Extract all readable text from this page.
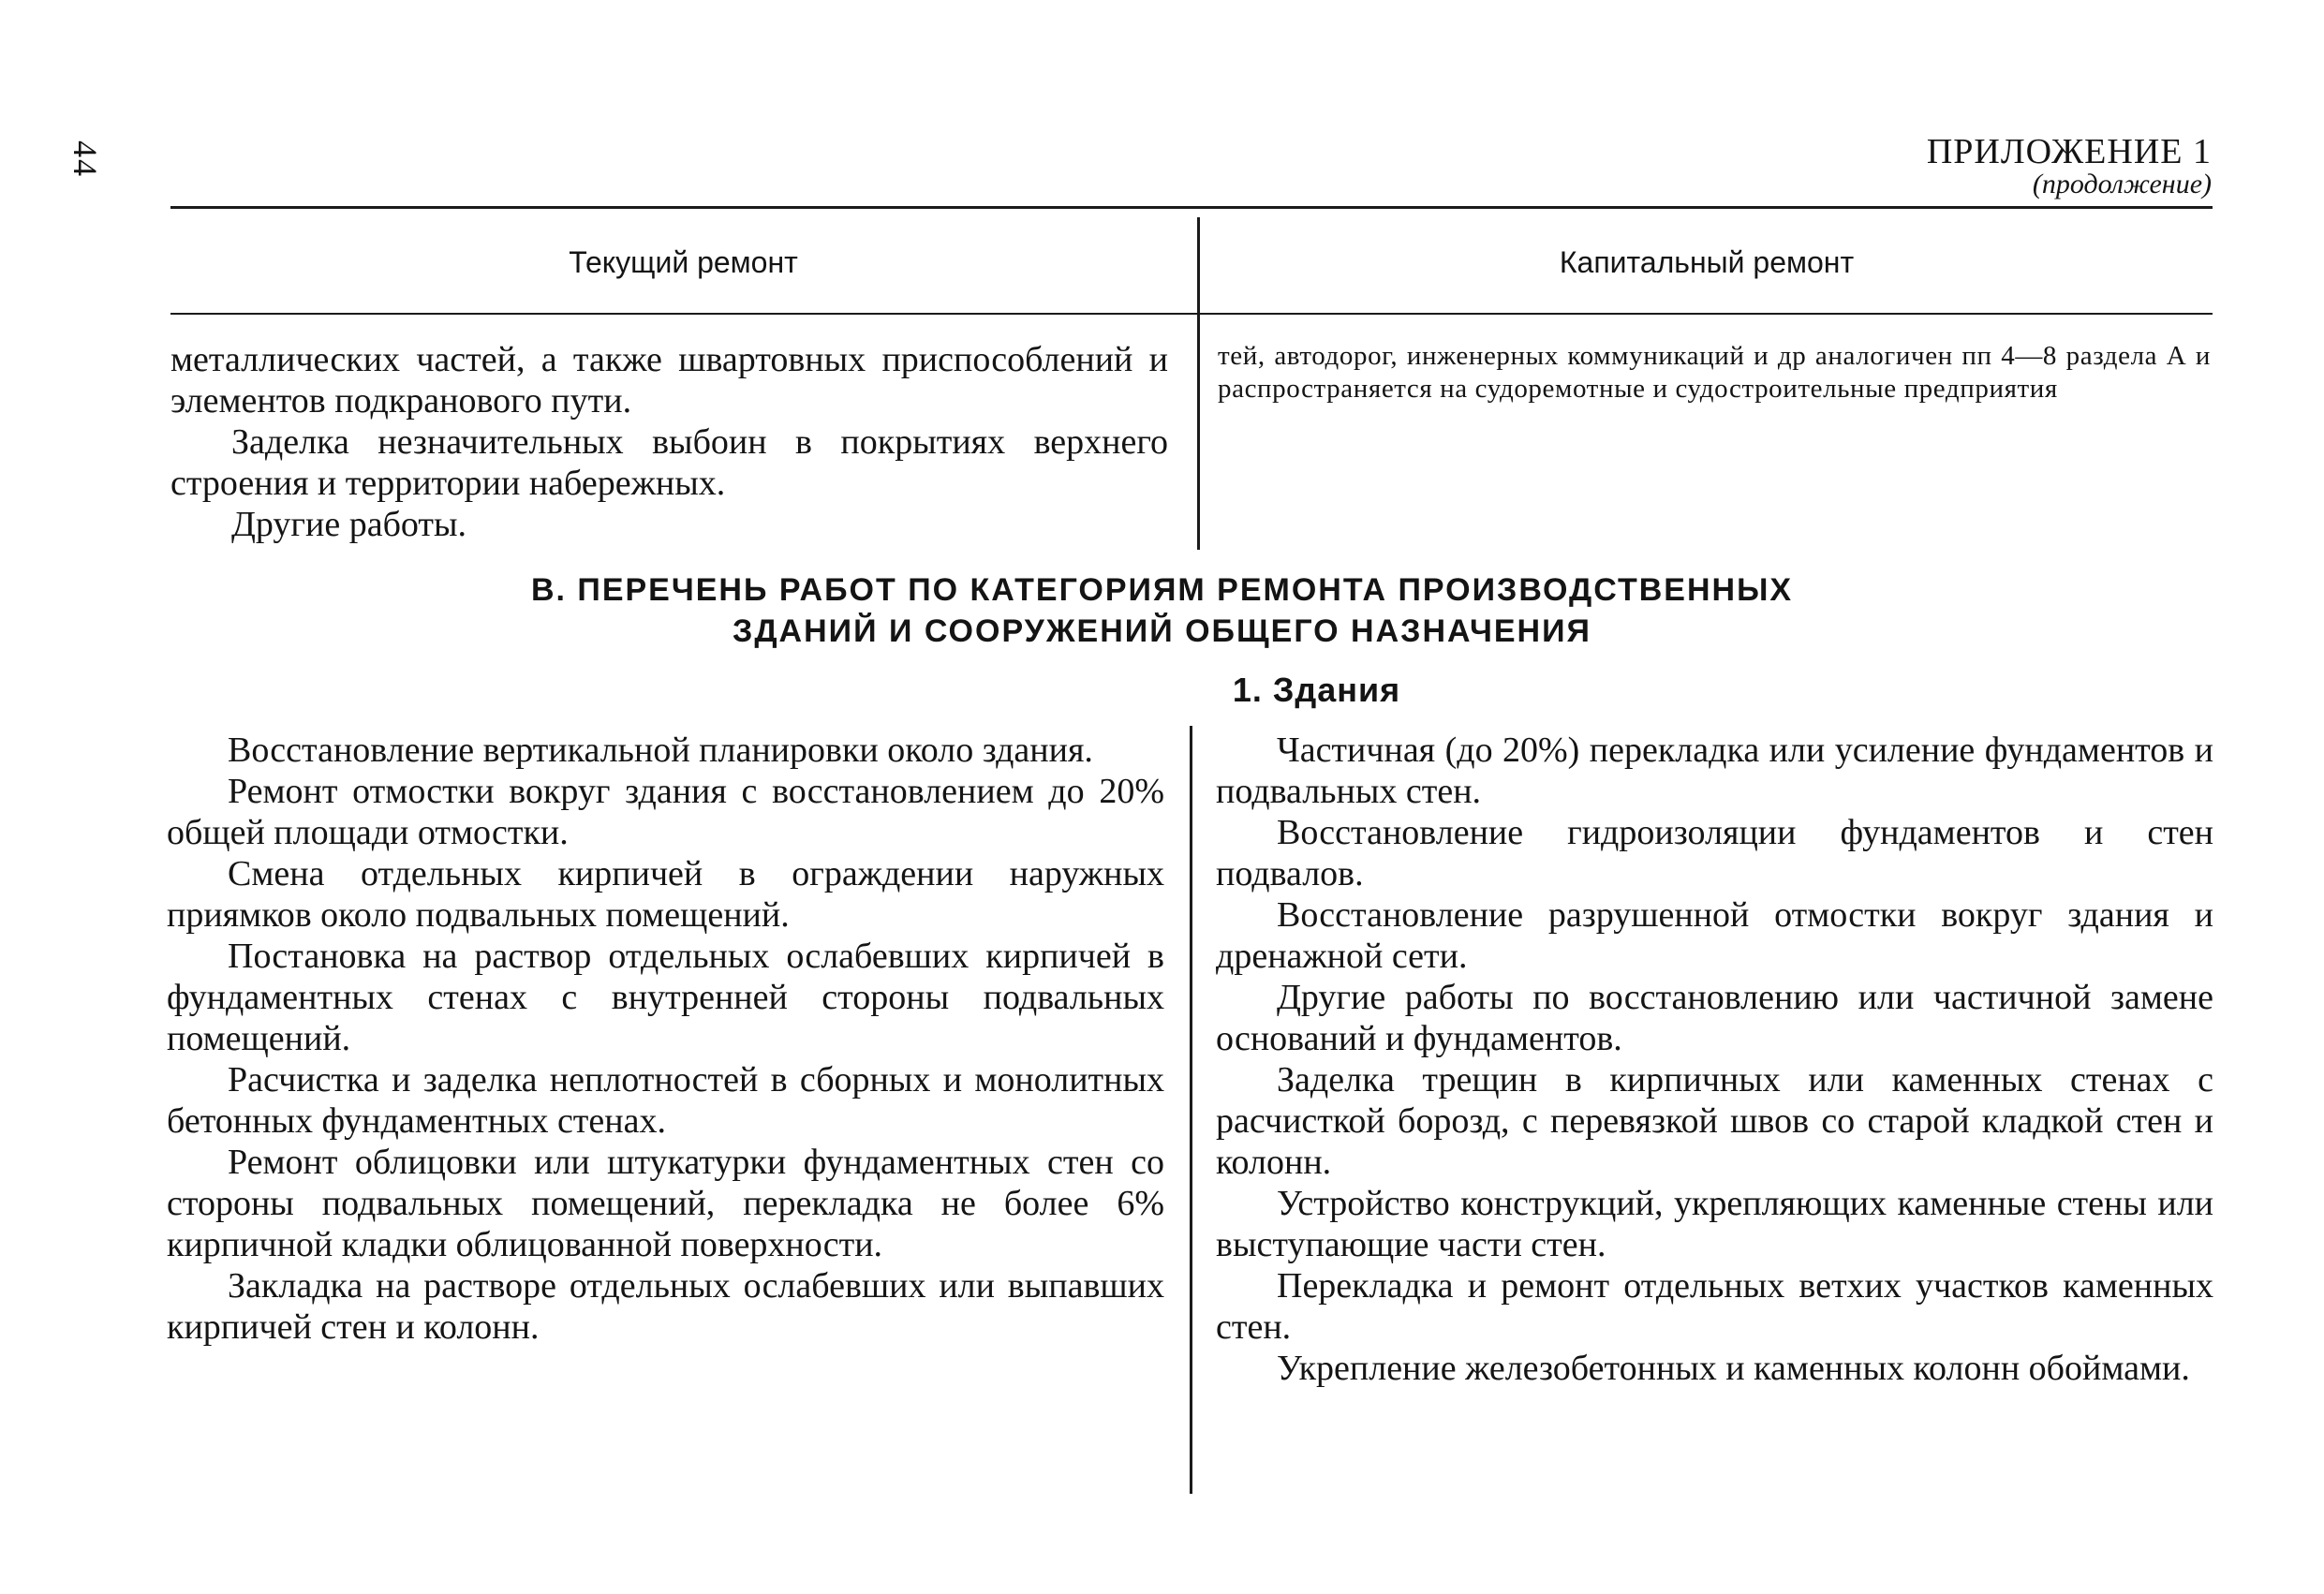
44	ПРИЛОЖЕНИЕ 1
(продолжение)
Текущий ремонт	Капитальный ремонт

металлических частей, а также швартовных приспособлений и элементов подкранового пути.

Заделка незначительных выбоин в покрытиях верхнего строения и территории набережных.

Другие работы.

тей, автодорог, инженерных коммуникаций и др аналогичен пп 4—8 раздела А и распространяется на судоремотные и судостроительные предприятия
В. ПЕРЕЧЕНЬ РАБОТ ПО КАТЕГОРИЯМ РЕМОНТА ПРОИЗВОДСТВЕННЫХ
ЗДАНИЙ И СООРУЖЕНИЙ ОБЩЕГО НАЗНАЧЕНИЯ
1. Здания

Восстановление вертикальной планировки около здания.

Ремонт отмостки вокруг здания с восстановлением до 20% общей площади отмостки.

Смена отдельных кирпичей в ограждении наружных приямков около подвальных помещений.

Постановка на раствор отдельных ослабевших кирпичей в фундаментных стенах с внутренней стороны подвальных помещений.

Расчистка и заделка неплотностей в сборных и монолитных бетонных фундаментных стенах.

Ремонт облицовки или штукатурки фундаментных стен со стороны подвальных помещений, перекладка не более 6% кирпичной кладки облицованной поверхности.

Закладка на растворе отдельных ослабевших или выпавших кирпичей стен и колонн.

Частичная (до 20%) перекладка или усиление фундаментов и подвальных стен.

Восстановление гидроизоляции фундаментов и стен подвалов.

Восстановление разрушенной отмостки вокруг здания и дренажной сети.

Другие работы по восстановлению или частичной замене оснований и фундаментов.

Заделка трещин в кирпичных или каменных стенах с расчисткой борозд, с перевязкой швов со старой кладкой стен и колонн.

Устройство конструкций, укрепляющих каменные стены или выступающие части стен.

Перекладка и ремонт отдельных ветхих участков каменных стен.

Укрепление железобетонных и каменных колонн обоймами.
